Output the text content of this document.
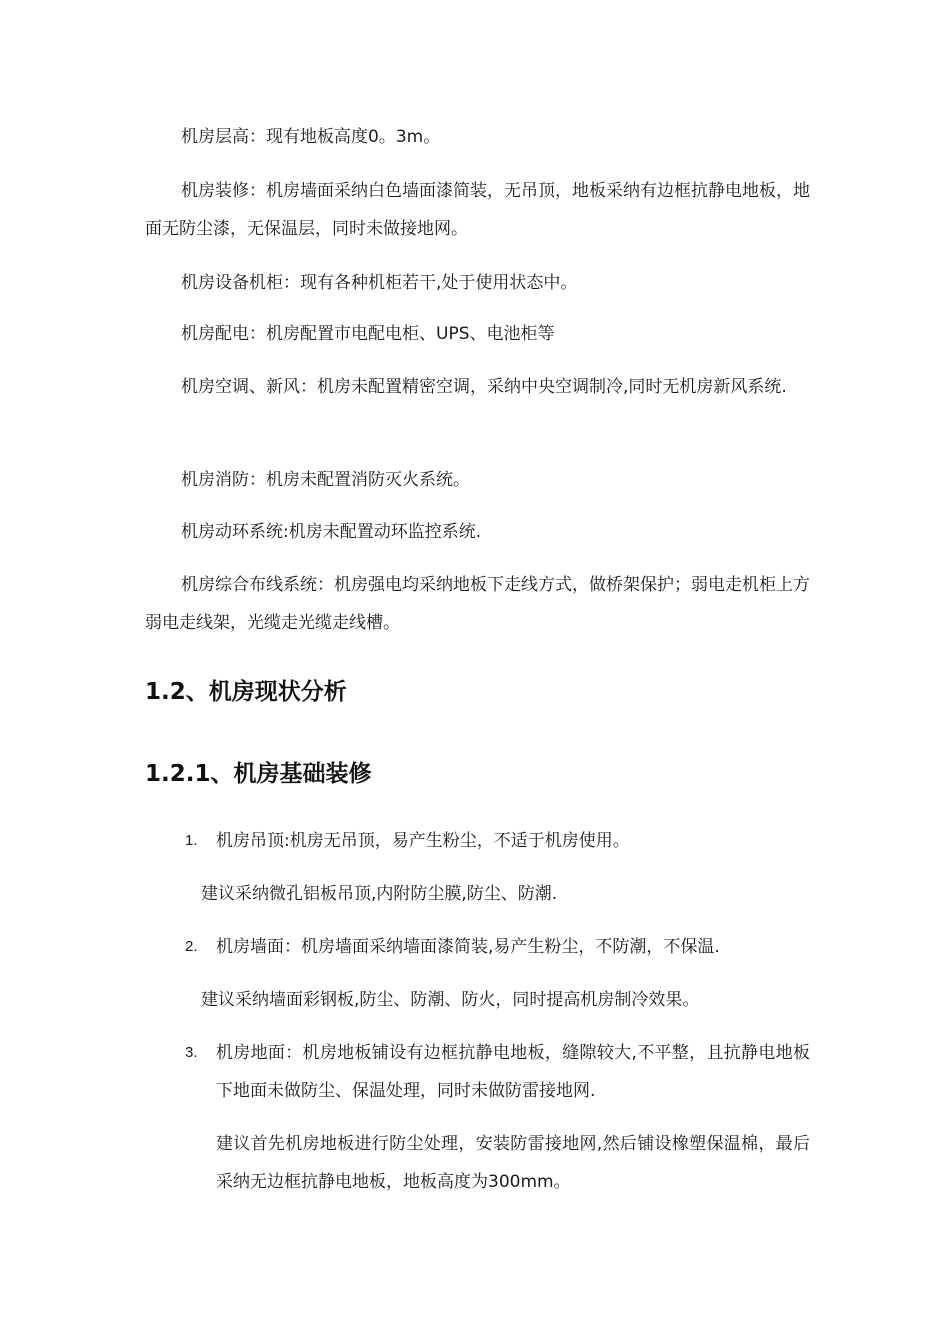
机房层高：现有地板高度0。3m。

机房装修：机房墙面采纳白色墙面漆简装，无吊顶，地板采纳有边框抗静电地板，地面无防尘漆，无保温层，同时未做接地网。

机房设备机柜：现有各种机柜若干,处于使用状态中。

机房配电：机房配置市电配电柜、UPS、电池柜等

机房空调、新风：机房未配置精密空调，采纳中央空调制冷,同时无机房新风系统.

机房消防：机房未配置消防灭火系统。

机房动环系统:机房未配置动环监控系统.

机房综合布线系统：机房强电均采纳地板下走线方式，做桥架保护；弱电走机柜上方弱电走线架，光缆走光缆走线槽。

1.2、机房现状分析
1.2.1、机房基础装修
1.	机房吊顶:机房无吊顶，易产生粉尘，不适于机房使用。

建议采纳微孔铝板吊顶,内附防尘膜,防尘、防潮.

2.	机房墙面：机房墙面采纳墙面漆简装,易产生粉尘，不防潮，不保温.

建议采纳墙面彩钢板,防尘、防潮、防火，同时提高机房制冷效果。

3.	机房地面：机房地板铺设有边框抗静电地板，缝隙较大,不平整，且抗静电地板下地面未做防尘、保温处理，同时未做防雷接地网.

建议首先机房地板进行防尘处理，安装防雷接地网,然后铺设橡塑保温棉，最后采纳无边框抗静电地板，地板高度为300mm。
